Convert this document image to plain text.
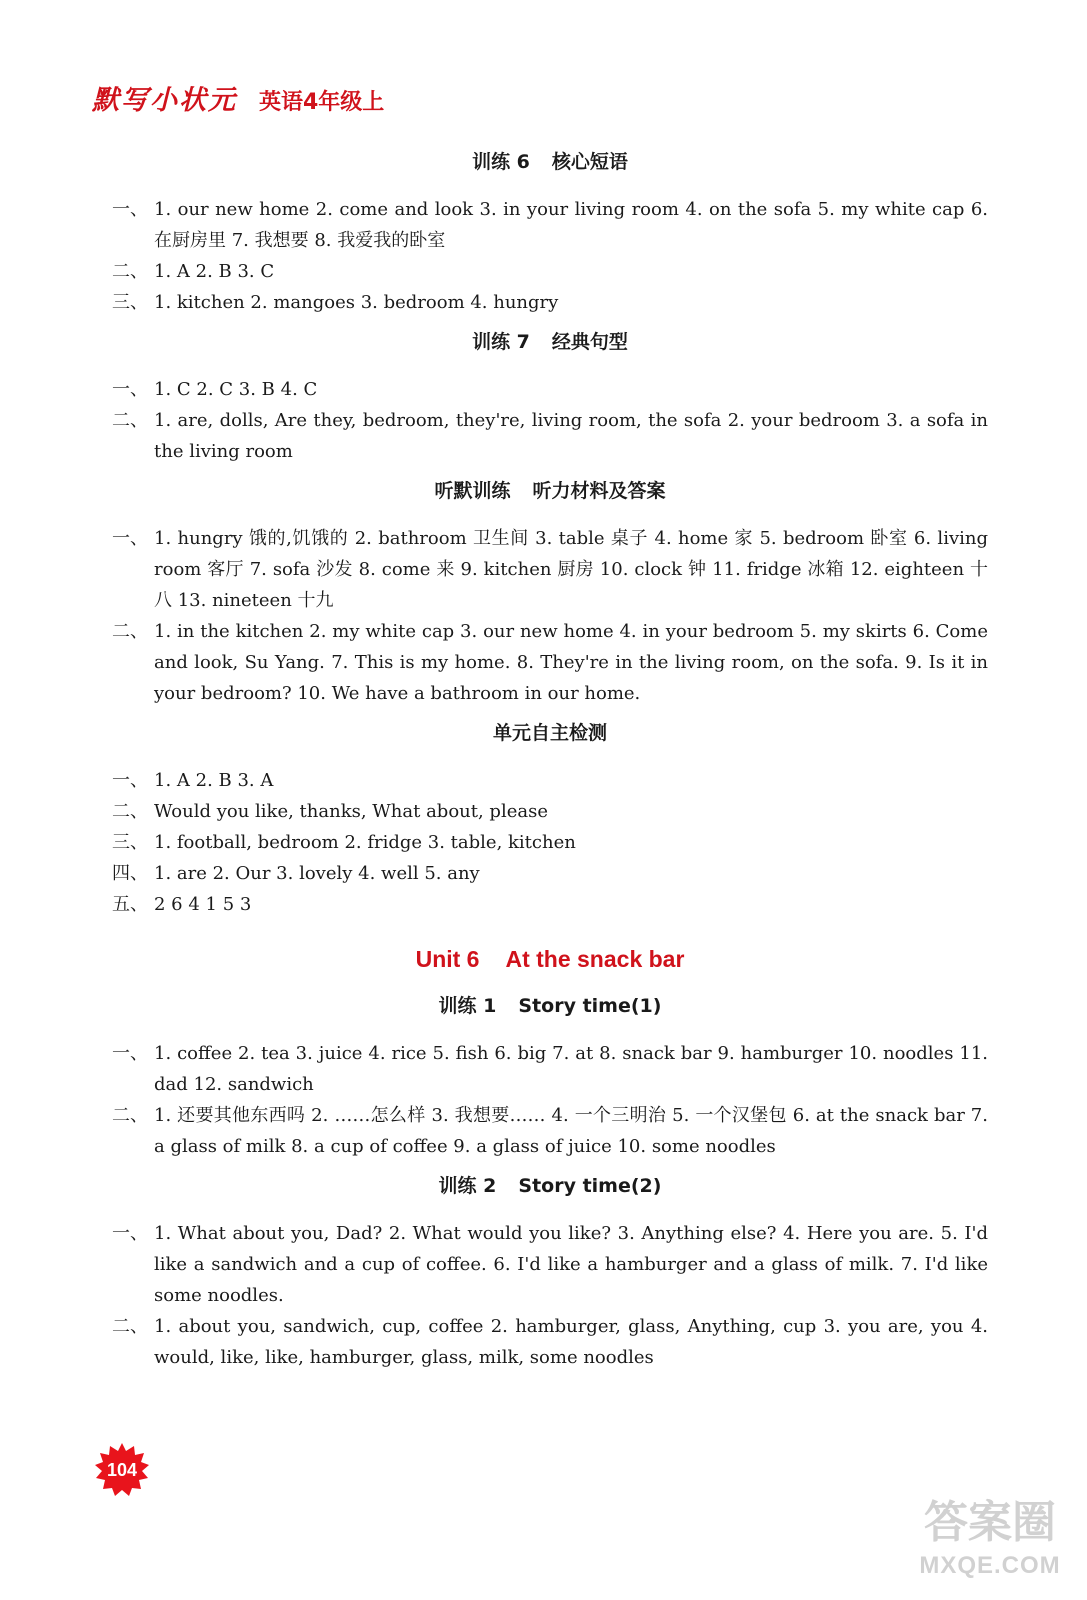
默写小状元 英语4年级上
训练 6 核心短语
一、 1. our new home 2. come and look 3. in your living room 4. on the sofa 5. my white cap 6. 在厨房里 7. 我想要 8. 我爱我的卧室
二、 1. A 2. B 3. C
三、 1. kitchen 2. mangoes 3. bedroom 4. hungry
训练 7 经典句型
一、 1. C 2. C 3. B 4. C
二、 1. are, dolls, Are they, bedroom, they're, living room, the sofa 2. your bedroom 3. a sofa in the living room
听默训练 听力材料及答案
一、 1. hungry 饿的,饥饿的 2. bathroom 卫生间 3. table 桌子 4. home 家 5. bedroom 卧室 6. living room 客厅 7. sofa 沙发 8. come 来 9. kitchen 厨房 10. clock 钟 11. fridge 冰箱 12. eighteen 十八 13. nineteen 十九
二、 1. in the kitchen 2. my white cap 3. our new home 4. in your bedroom 5. my skirts 6. Come and look, Su Yang. 7. This is my home. 8. They're in the living room, on the sofa. 9. Is it in your bedroom? 10. We have a bathroom in our home.
单元自主检测
一、 1. A 2. B 3. A
二、 Would you like, thanks, What about, please
三、 1. football, bedroom 2. fridge 3. table, kitchen
四、 1. are 2. Our 3. lovely 4. well 5. any
五、 2 6 4 1 5 3
Unit 6 At the snack bar
训练 1 Story time(1)
一、 1. coffee 2. tea 3. juice 4. rice 5. fish 6. big 7. at 8. snack bar 9. hamburger 10. noodles 11. dad 12. sandwich
二、 1. 还要其他东西吗 2. ……怎么样 3. 我想要…… 4. 一个三明治 5. 一个汉堡包 6. at the snack bar 7. a glass of milk 8. a cup of coffee 9. a glass of juice 10. some noodles
训练 2 Story time(2)
一、 1. What about you, Dad? 2. What would you like? 3. Anything else? 4. Here you are. 5. I'd like a sandwich and a cup of coffee. 6. I'd like a hamburger and a glass of milk. 7. I'd like some noodles.
二、 1. about you, sandwich, cup, coffee 2. hamburger, glass, Anything, cup 3. you are, you 4. would, like, like, hamburger, glass, milk, some noodles
104
答案圈
MXQE.COM
